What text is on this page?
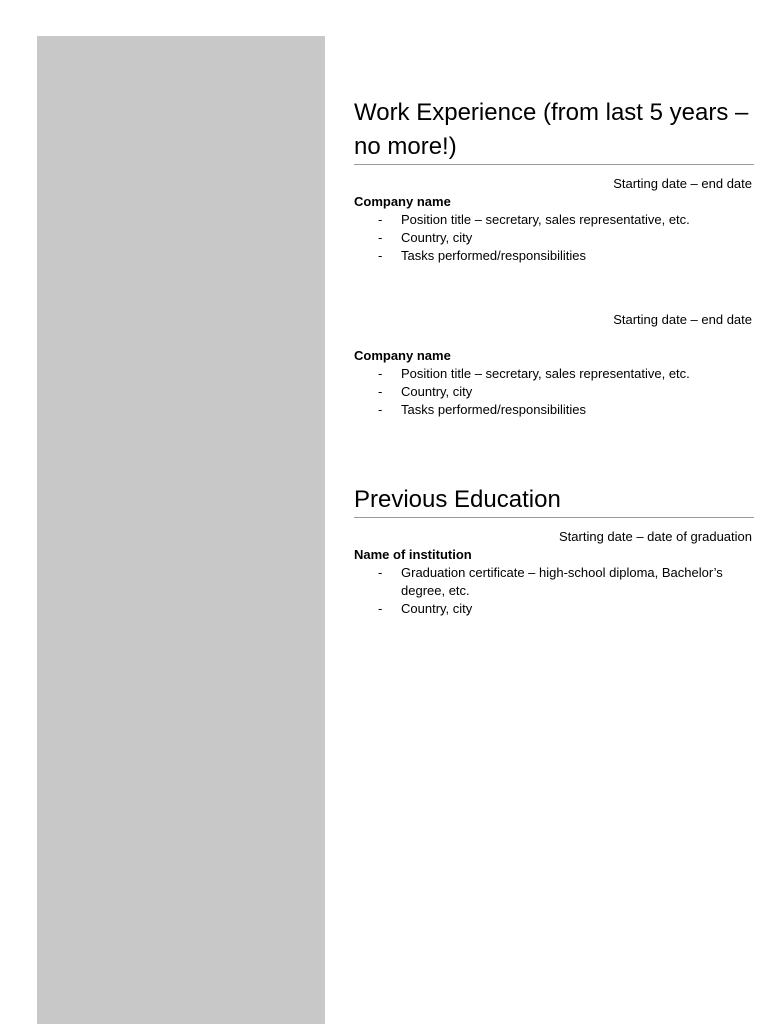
Work Experience (from last 5 years – no more!)
Starting date – end date
Company name
- Position title – secretary, sales representative, etc.
- Country, city
- Tasks performed/responsibilities
Starting date – end date
Company name
- Position title – secretary, sales representative, etc.
- Country, city
- Tasks performed/responsibilities
Previous Education
Starting date – date of graduation
Name of institution
- Graduation certificate – high-school diploma, Bachelor’s degree, etc.
- Country, city
